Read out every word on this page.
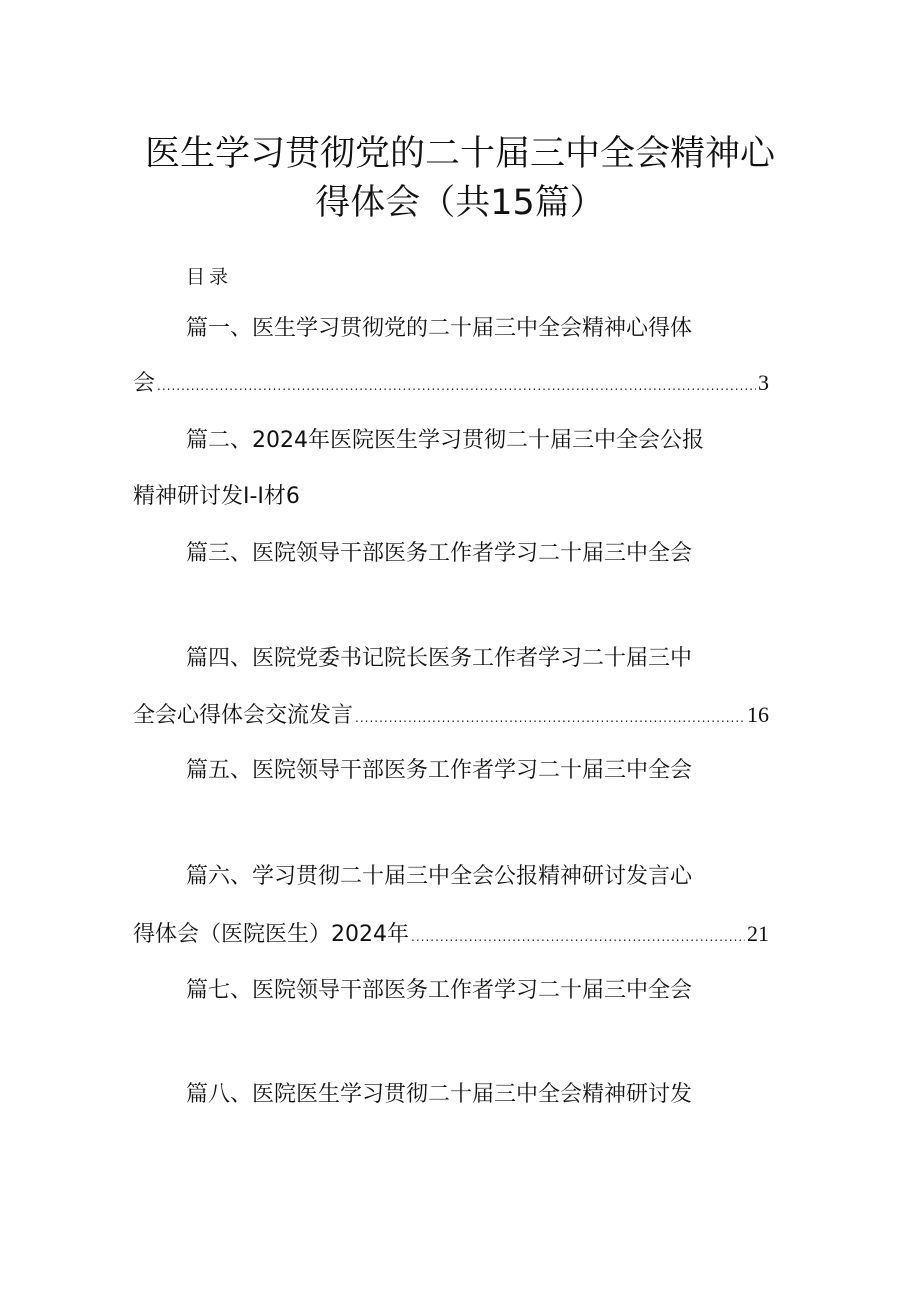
医生学习贯彻党的二十届三中全会精神心
得体会（共15篇）

目录

篇一、医生学习贯彻党的二十届三中全会精神心得体

会 .....	3

篇二、2024年医院医生学习贯彻二十届三中全会公报

精神研讨发I-I材6

篇三、医院领导干部医务工作者学习二十届三中全会

篇四、医院党委书记院长医务工作者学习二十届三中

全会心得体会交流发言 .....	16

篇五、医院领导干部医务工作者学习二十届三中全会

篇六、学习贯彻二十届三中全会公报精神研讨发言心

得体会（医院医生）2024年 .....	21

篇七、医院领导干部医务工作者学习二十届三中全会

篇八、医院医生学习贯彻二十届三中全会精神研讨发
